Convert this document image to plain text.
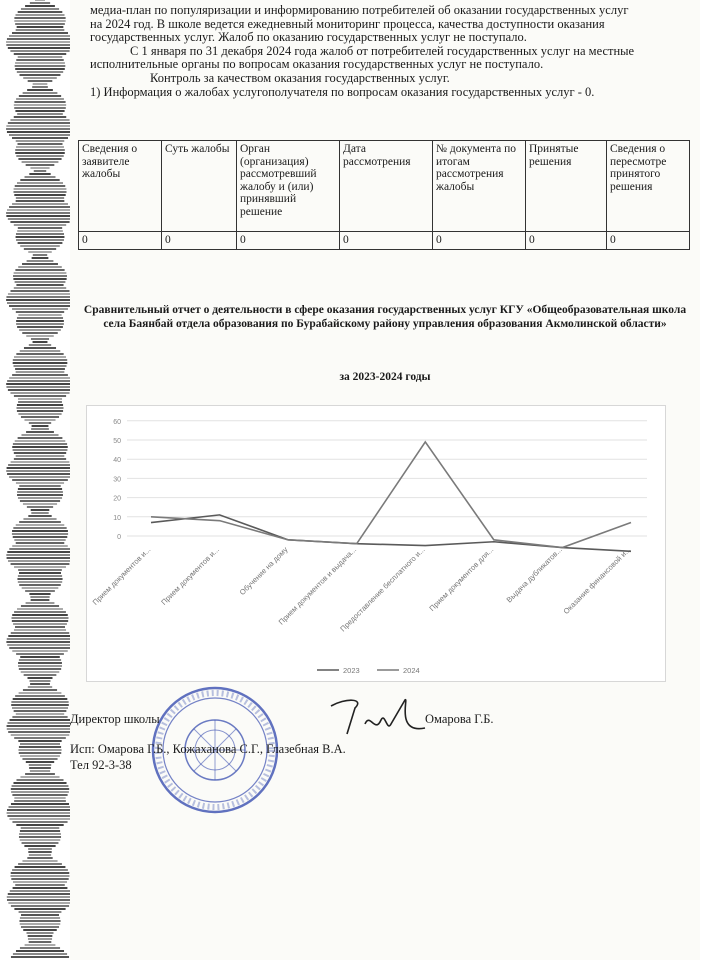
медиа-план по популяризации и информированию потребителей об оказании государственных услуг

на 2024 год. В школе ведется ежедневный мониторинг процесса, качества доступности оказания

государственных услуг. Жалоб по оказанию государственных услуг не поступало.

С 1 января по 31 декабря 2024 года жалоб от потребителей государственных услуг на местные

исполнительные органы по вопросам оказания государственных услуг не поступало.

Контроль за качеством оказания государственных услуг.

1) Информация о жалобах услугополучателя по вопросам оказания государственных услуг - 0.

Сведения о заявителе жалобы	Суть жалобы	Орган (организация) рассмотревший жалобу и (или) принявший решение	Дата рассмотрения	№ документа по итогам рассмотрения жалобы	Принятые решения	Сведения о пересмотре принятого решения
0	0	0	0	0	0	0
Сравнительный отчет о деятельности в сфере оказания государственных услуг КГУ «Общеобразовательная школа села Баянбай отдела образования по Бурабайскому району управления образования Акмолинской области»
за 2023-2024 годы
60
50
40
30
20
10
0
Прием документов и... Прием документов и... Обучение на дому
Прием документов и выдача...
Предоставление бесплатного и... Прием документов для... Выдача дубликатов...
Оказание финансовой и...
2023	2024
Директор школы	Омарова Г.Б.
Исп: Омарова Г.Б., Кожаханова С.Г., Глазебная В.А.
Тел 92-3-38
